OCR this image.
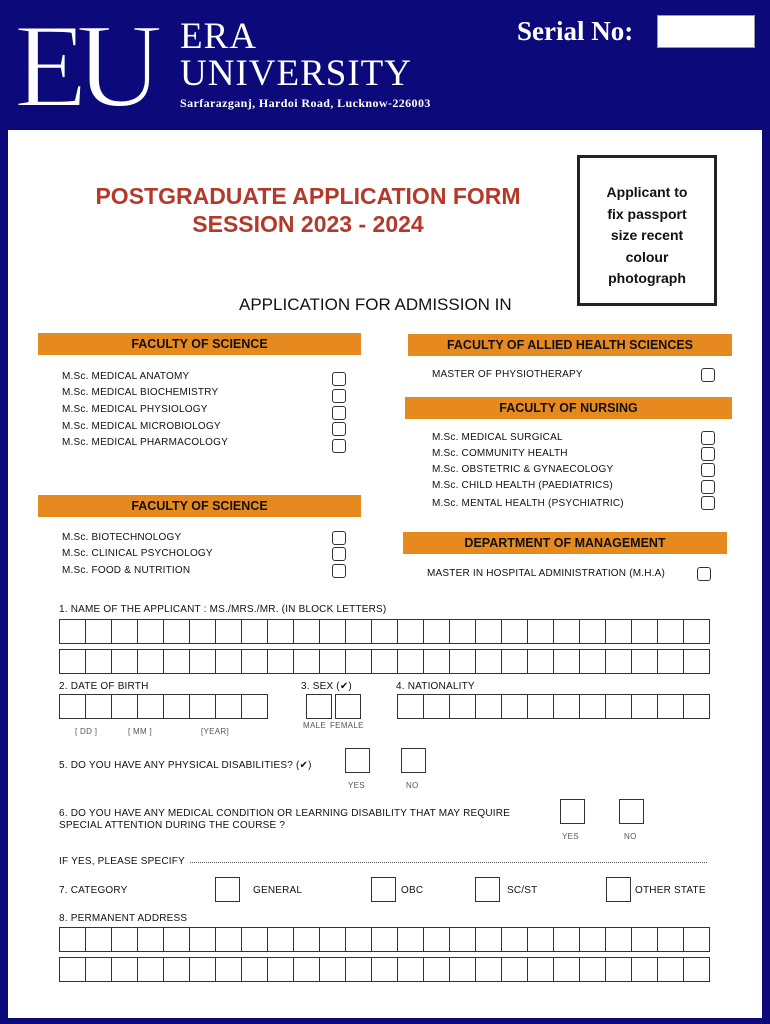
E
U ERA
UNIVERSITY
Sarfarazganj, Hardoi Road, Lucknow-226003
Serial No:
POSTGRADUATE APPLICATION FORM
SESSION 2023 - 2024
Applicant to
fix passport
size recent
colour
photograph
APPLICATION FOR ADMISSION IN
FACULTY OF SCIENCE
M.Sc. MEDICAL ANATOMY
M.Sc. MEDICAL BIOCHEMISTRY
M.Sc. MEDICAL PHYSIOLOGY
M.Sc. MEDICAL MICROBIOLOGY
M.Sc. MEDICAL PHARMACOLOGY
FACULTY OF SCIENCE
M.Sc. BIOTECHNOLOGY
M.Sc. CLINICAL PSYCHOLOGY
M.Sc. FOOD & NUTRITION
FACULTY OF ALLIED HEALTH SCIENCES
MASTER OF PHYSIOTHERAPY
FACULTY OF NURSING
M.Sc. MEDICAL SURGICAL
M.Sc. COMMUNITY HEALTH
M.Sc. OBSTETRIC & GYNAECOLOGY
M.Sc. CHILD HEALTH (PAEDIATRICS)
M.Sc. MENTAL HEALTH (PSYCHIATRIC)
DEPARTMENT OF MANAGEMENT
MASTER IN HOSPITAL ADMINISTRATION (M.H.A)
1. NAME OF THE APPLICANT : MS./MRS./MR. (IN BLOCK LETTERS)
2. DATE OF BIRTH
[ DD ]	[ MM ]	[YEAR]
3. SEX (✔)
MALE FEMALE
4. NATIONALITY
5. DO YOU HAVE ANY PHYSICAL DISABILITIES? (✔)
YES	NO
6. DO YOU HAVE ANY MEDICAL CONDITION OR LEARNING DISABILITY THAT MAY REQUIRE
SPECIAL ATTENTION DURING THE COURSE ?
YES	NO
IF YES, PLEASE SPECIFY
7. CATEGORY	GENERAL	OBC	SC/ST	OTHER STATE
8. PERMANENT ADDRESS
